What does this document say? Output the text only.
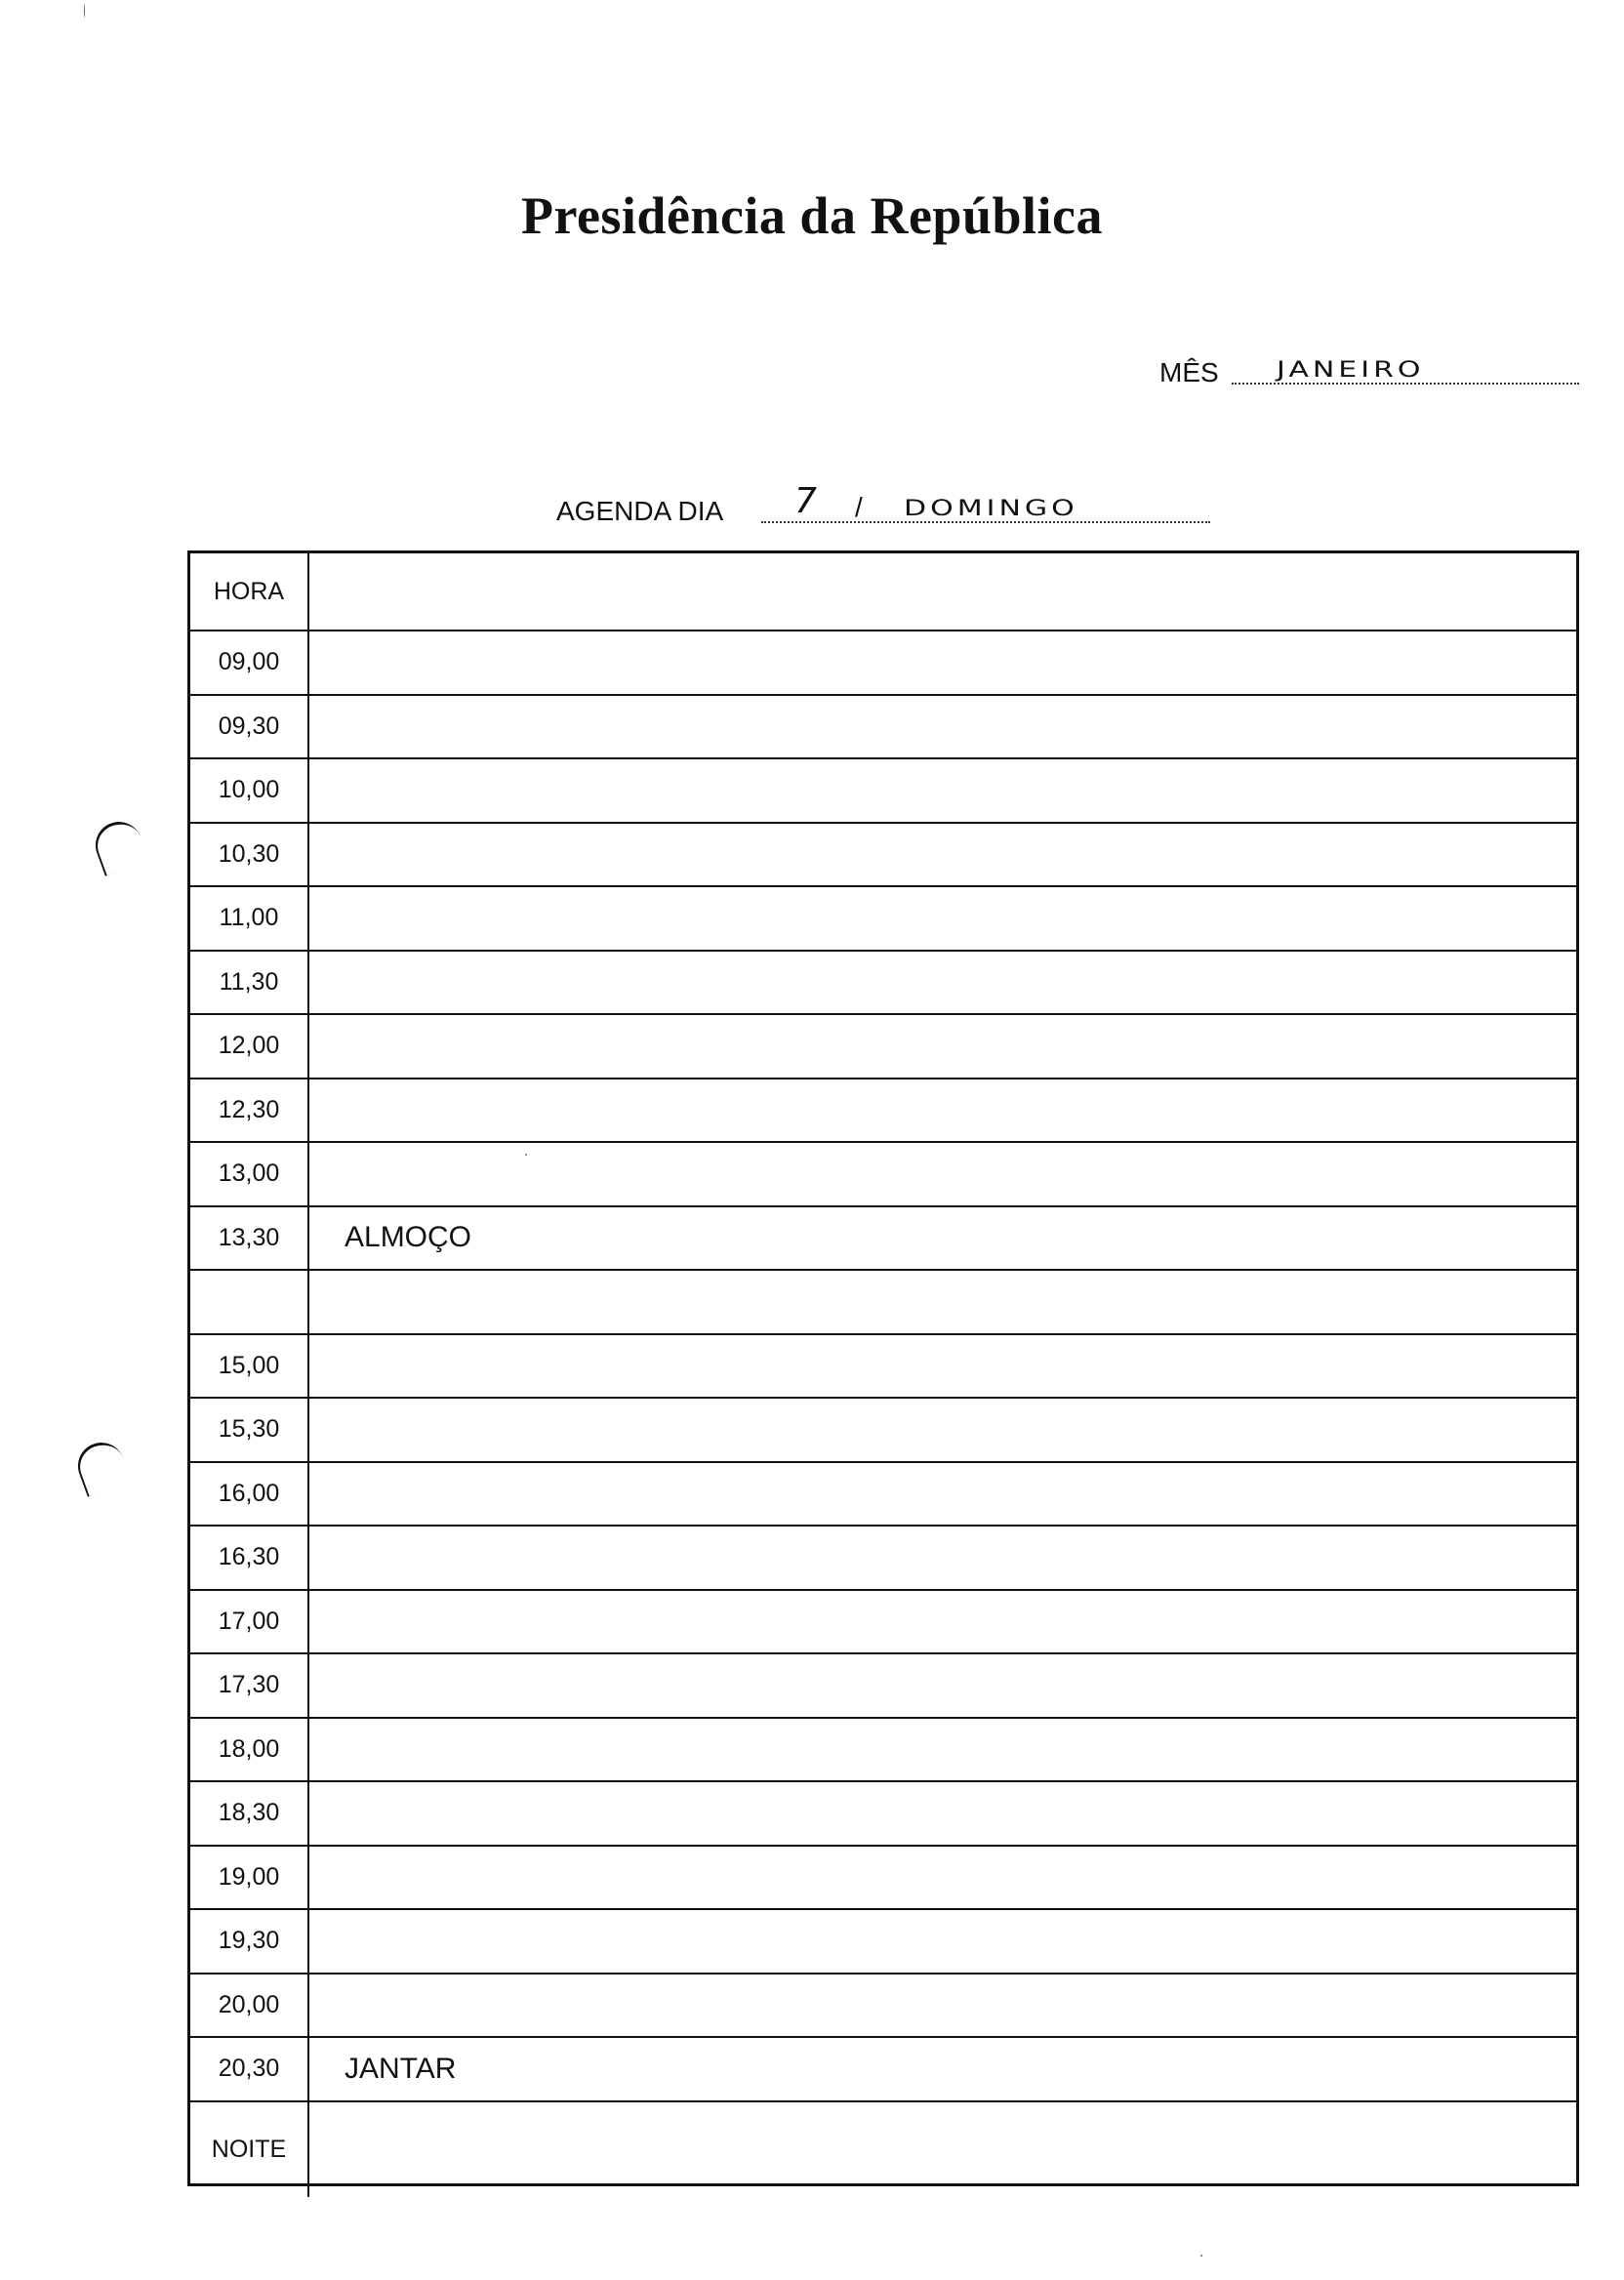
Presidência da República
MÊS JANEIRO
AGENDA DIA 7 / DOMINGO
HORA
09,00
09,30
10,00
10,30
11,00
11,30
12,00
12,30
13,00
13,30	ALMOÇO
15,00
15,30
16,00
16,30
17,00
17,30
18,00
18,30
19,00
19,30
20,00
20,30	JANTAR
NOITE
